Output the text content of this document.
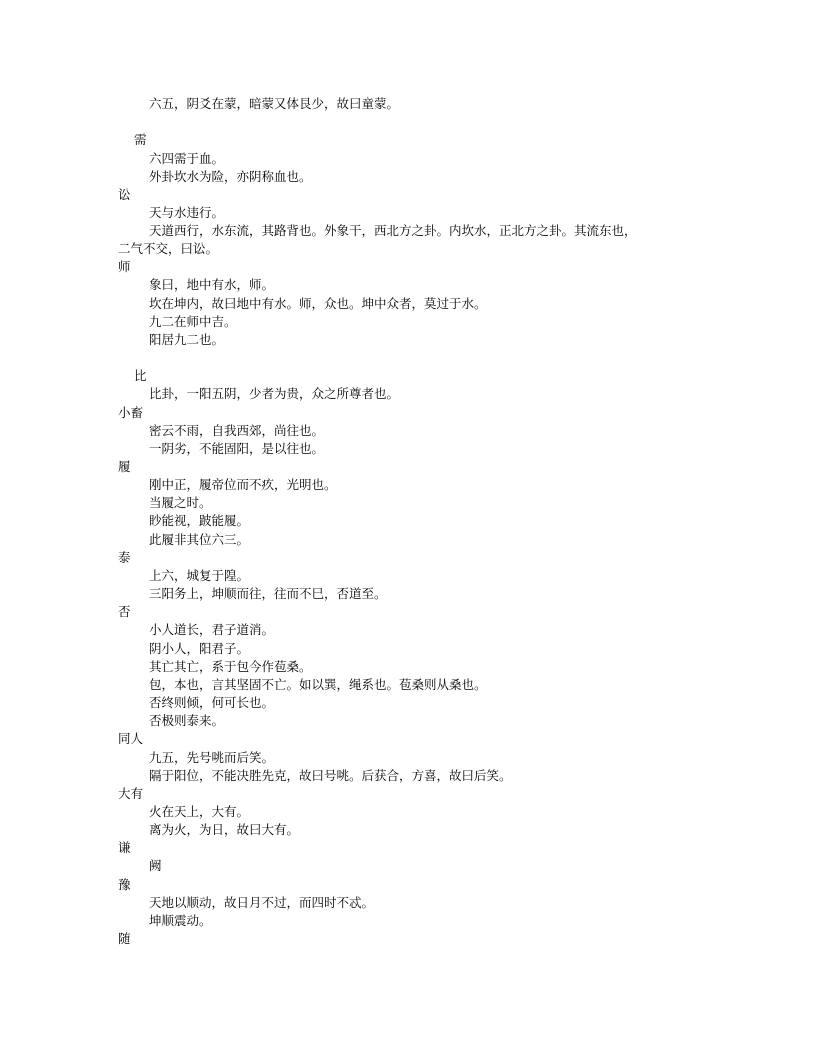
六五，阴爻在蒙，暗蒙又体艮少，故曰童蒙。
需
六四需于血。
外卦坎水为险，亦阴称血也。
讼
天与水违行。
天道西行，水东流，其路背也。外象干，西北方之卦。内坎水，正北方之卦。其流东也，
二气不交，曰讼。
师
象曰，地中有水，师。
坎在坤内，故曰地中有水。师，众也。坤中众者，莫过于水。
九二在师中吉。
阳居九二也。
比
比卦，一阳五阴，少者为贵，众之所尊者也。
小畜
密云不雨，自我西郊，尚往也。
一阴劣，不能固阳，是以往也。
履
刚中正，履帝位而不疚，光明也。
当履之时。
眇能视，跛能履。
此履非其位六三。
泰
上六，城复于隍。
三阳务上，坤顺而往，往而不巳，否道至。
否
小人道长，君子道消。
阴小人，阳君子。
其亡其亡，系于包今作苞桑。
包，本也，言其坚固不亡。如以巽，绳系也。苞桑则从桑也。
否终则倾，何可长也。
否极则泰来。
同人
九五，先号咷而后笑。
隔于阳位，不能决胜先克，故曰号咷。后获合，方喜，故曰后笑。
大有
火在天上，大有。
离为火，为日，故曰大有。
谦
阙
豫
天地以顺动，故日月不过，而四时不忒。
坤顺震动。
随
